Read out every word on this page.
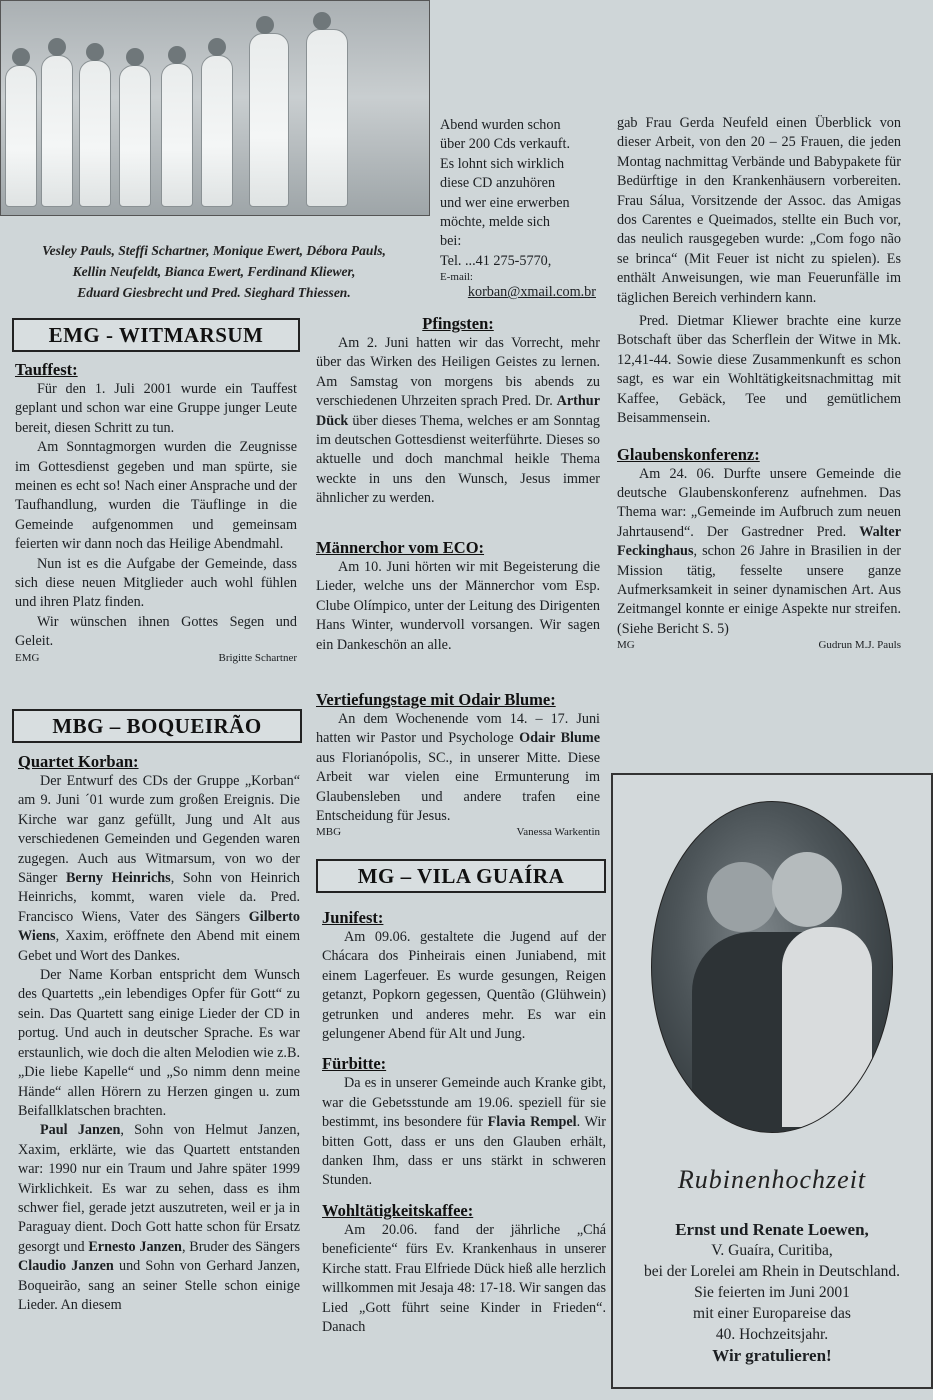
Vesley Pauls, Steffi Schartner, Monique Ewert, Débora Pauls,
Kellin Neufeldt, Bianca Ewert, Ferdinand Kliewer,
Eduard Giesbrecht und Pred. Sieghard Thiessen.
EMG - WITMARSUM
Tauffest:

Für den 1. Juli 2001 wurde ein Tauffest geplant und schon war eine Gruppe junger Leute bereit, diesen Schritt zu tun.

Am Sonntagmorgen wurden die Zeugnisse im Gottesdienst gegeben und man spürte, sie meinen es echt so! Nach einer Ansprache und der Taufhandlung, wurden die Täuflinge in die Gemeinde aufgenommen und gemeinsam feierten wir dann noch das Heilige Abendmahl.

Nun ist es die Aufgabe der Gemeinde, dass sich diese neuen Mitglieder auch wohl fühlen und ihren Platz finden.

Wir wünschen ihnen Gottes Segen und Geleit.

EMG	Brigitte Schartner
MBG – BOQUEIRÃO
Quartet Korban:

Der Entwurf des CDs der Gruppe „Korban“ am 9. Juni ´01 wurde zum großen Ereignis. Die Kirche war ganz gefüllt, Jung und Alt aus verschiedenen Gemeinden und Gegenden waren zugegen. Auch aus Witmarsum, von wo der Sänger Berny Heinrichs, Sohn von Heinrich Heinrichs, kommt, waren viele da. Pred. Francisco Wiens, Vater des Sängers Gilberto Wiens, Xaxim, eröffnete den Abend mit einem Gebet und Wort des Dankes.

Der Name Korban entspricht dem Wunsch des Quartetts „ein lebendiges Opfer für Gott“ zu sein. Das Quartett sang einige Lieder der CD in portug. Und auch in deutscher Sprache. Es war erstaunlich, wie doch die alten Melodien wie z.B. „Die liebe Kapelle“ und „So nimm denn meine Hände“ allen Hörern zu Herzen gingen u. zum Beifallklatschen brachten.

Paul Janzen, Sohn von Helmut Janzen, Xaxim, erklärte, wie das Quartett entstanden war: 1990 nur ein Traum und Jahre später 1999 Wirklichkeit. Es war zu sehen, dass es ihm schwer fiel, gerade jetzt auszutreten, weil er ja in Paraguay dient. Doch Gott hatte schon für Ersatz gesorgt und Ernesto Janzen, Bruder des Sängers Claudio Janzen und Sohn von Gerhard Janzen, Boqueirão, sang an seiner Stelle schon einige Lieder. An diesem

Abend wurden schon

über 200 Cds verkauft.

Es lohnt sich wirklich

diese CD anzuhören

und wer eine erwerben

möchte, melde sich

bei:

Tel. ...41 275-5770,

E-mail:
korban@xmail.com.br
Pfingsten:

Am 2. Juni hatten wir das Vorrecht, mehr über das Wirken des Heiligen Geistes zu lernen. Am Samstag von morgens bis abends zu verschiedenen Uhrzeiten sprach Pred. Dr. Arthur Dück über dieses Thema, welches er am Sonntag im deutschen Gottesdienst weiterführte. Dieses so aktuelle und doch manchmal heikle Thema weckte in uns den Wunsch, Jesus immer ähnlicher zu werden.

Männerchor vom ECO:

Am 10. Juni hörten wir mit Begeisterung die Lieder, welche uns der Männerchor vom Esp. Clube Olímpico, unter der Leitung des Dirigenten Hans Winter, wundervoll vorsangen. Wir sagen ein Dankeschön an alle.

Vertiefungstage mit Odair Blume:

An dem Wochenende vom 14. – 17. Juni hatten wir Pastor und Psychologe Odair Blume aus Florianópolis, SC., in unserer Mitte. Diese Arbeit war vielen eine Ermunterung im Glaubensleben und andere trafen eine Entscheidung für Jesus.

MBG	Vanessa Warkentin
MG – VILA GUAÍRA
Junifest:

Am 09.06. gestaltete die Jugend auf der Chácara dos Pinheirais einen Juniabend, mit einem Lagerfeuer. Es wurde gesungen, Reigen getanzt, Popkorn gegessen, Quentão (Glühwein) getrunken und anderes mehr. Es war ein gelungener Abend für Alt und Jung.

Fürbitte:

Da es in unserer Gemeinde auch Kranke gibt, war die Gebetsstunde am 19.06. speziell für sie bestimmt, ins besondere für Flavia Rempel. Wir bitten Gott, dass er uns den Glauben erhält, danken Ihm, dass er uns stärkt in schweren Stunden.

Wohltätigkeitskaffee:

Am 20.06. fand der jährliche „Chá beneficiente“ fürs Ev. Krankenhaus in unserer Kirche statt. Frau Elfriede Dück hieß alle herzlich willkommen mit Jesaja 48: 17-18. Wir sangen das Lied „Gott führt seine Kinder in Frieden“. Danach

gab Frau Gerda Neufeld einen Überblick von dieser Arbeit, von den 20 – 25 Frauen, die jeden Montag nachmittag Verbände und Babypakete für Bedürftige in den Krankenhäusern vorbereiten. Frau Sálua, Vorsitzende der Assoc. das Amigas dos Carentes e Queimados, stellte ein Buch vor, das neulich rausgegeben wurde: „Com fogo não se brinca“ (Mit Feuer ist nicht zu spielen). Es enthält Anweisungen, wie man Feuerunfälle im täglichen Bereich verhindern kann.

Pred. Dietmar Kliewer brachte eine kurze Botschaft über das Scherflein der Witwe in Mk. 12,41-44. Sowie diese Zusammenkunft es schon sagt, es war ein Wohltätigkeitsnachmittag mit Kaffee, Gebäck, Tee und gemütlichem Beisammensein.

Glaubenskonferenz:

Am 24. 06. Durfte unsere Gemeinde die deutsche Glaubenskonferenz aufnehmen. Das Thema war: „Gemeinde im Aufbruch zum neuen Jahrtausend“. Der Gastredner Pred. Walter Feckinghaus, schon 26 Jahre in Brasilien in der Mission tätig, fesselte unsere ganze Aufmerksamkeit in seiner dynamischen Art. Aus Zeitmangel konnte er einige Aspekte nur streifen. (Siehe Bericht S. 5)

MG	Gudrun M.J. Pauls
Rubinenhochzeit
Ernst und Renate Loewen,
V. Guaíra, Curitiba,
bei der Lorelei am Rhein in Deutschland.
Sie feierten im Juni 2001
mit einer Europareise das
40. Hochzeitsjahr.
Wir gratulieren!
